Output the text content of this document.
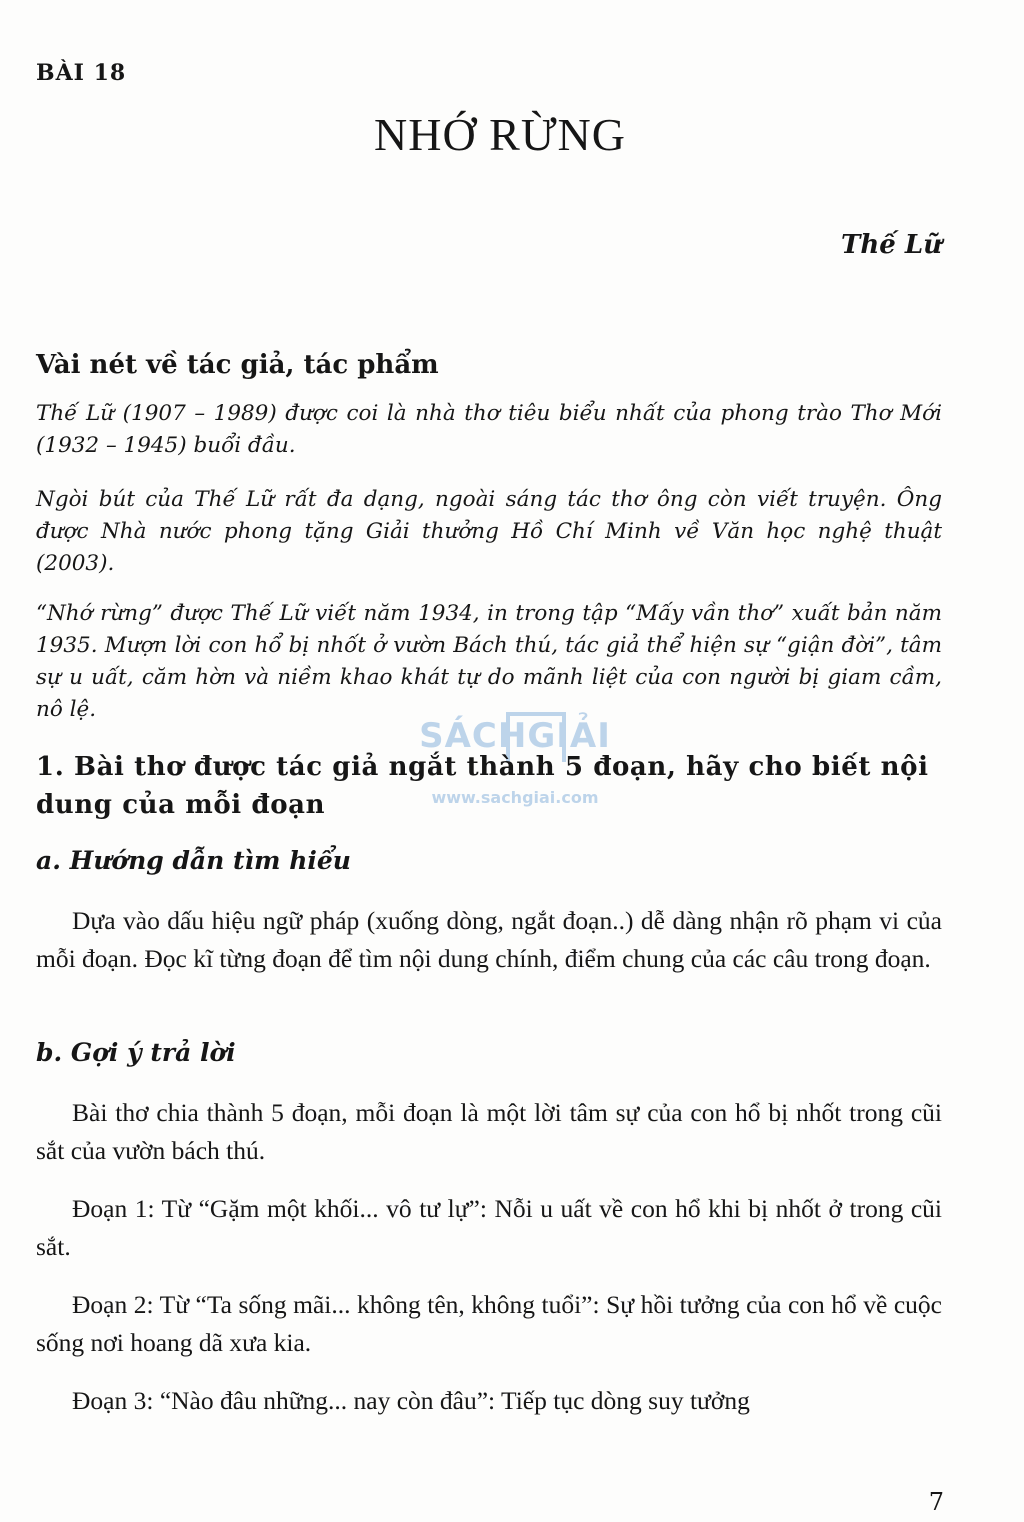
BÀI 18
NHỚ RỪNG
Thế Lữ
Vài nét về tác giả, tác phẩm
Thế Lữ (1907 – 1989) được coi là nhà thơ tiêu biểu nhất của phong trào Thơ Mới (1932 – 1945) buổi đầu.
Ngòi bút của Thế Lữ rất đa dạng, ngoài sáng tác thơ ông còn viết truyện. Ông được Nhà nước phong tặng Giải thưởng Hồ Chí Minh về Văn học nghệ thuật (2003).
“Nhớ rừng” được Thế Lữ viết năm 1934, in trong tập “Mấy vần thơ” xuất bản năm 1935. Mượn lời con hổ bị nhốt ở vườn Bách thú, tác giả thể hiện sự “giận đời”, tâm sự u uất, căm hờn và niềm khao khát tự do mãnh liệt của con người bị giam cầm, nô lệ.
SÁCHGIẢI
www.sachgiai.com
1. Bài thơ được tác giả ngắt thành 5 đoạn, hãy cho biết nội dung của mỗi đoạn
a. Hướng dẫn tìm hiểu
Dựa vào dấu hiệu ngữ pháp (xuống dòng, ngắt đoạn..) dễ dàng nhận rõ phạm vi của mỗi đoạn. Đọc kĩ từng đoạn để tìm nội dung chính, điểm chung của các câu trong đoạn.
b. Gợi ý trả lời
Bài thơ chia thành 5 đoạn, mỗi đoạn là một lời tâm sự của con hổ bị nhốt trong cũi sắt của vườn bách thú.
Đoạn 1: Từ “Gặm một khối... vô tư lự”: Nỗi u uất về con hổ khi bị nhốt ở trong cũi sắt.
Đoạn 2: Từ “Ta sống mãi... không tên, không tuổi”: Sự hồi tưởng của con hổ về cuộc sống nơi hoang dã xưa kia.
Đoạn 3: “Nào đâu những... nay còn đâu”: Tiếp tục dòng suy tưởng
7
